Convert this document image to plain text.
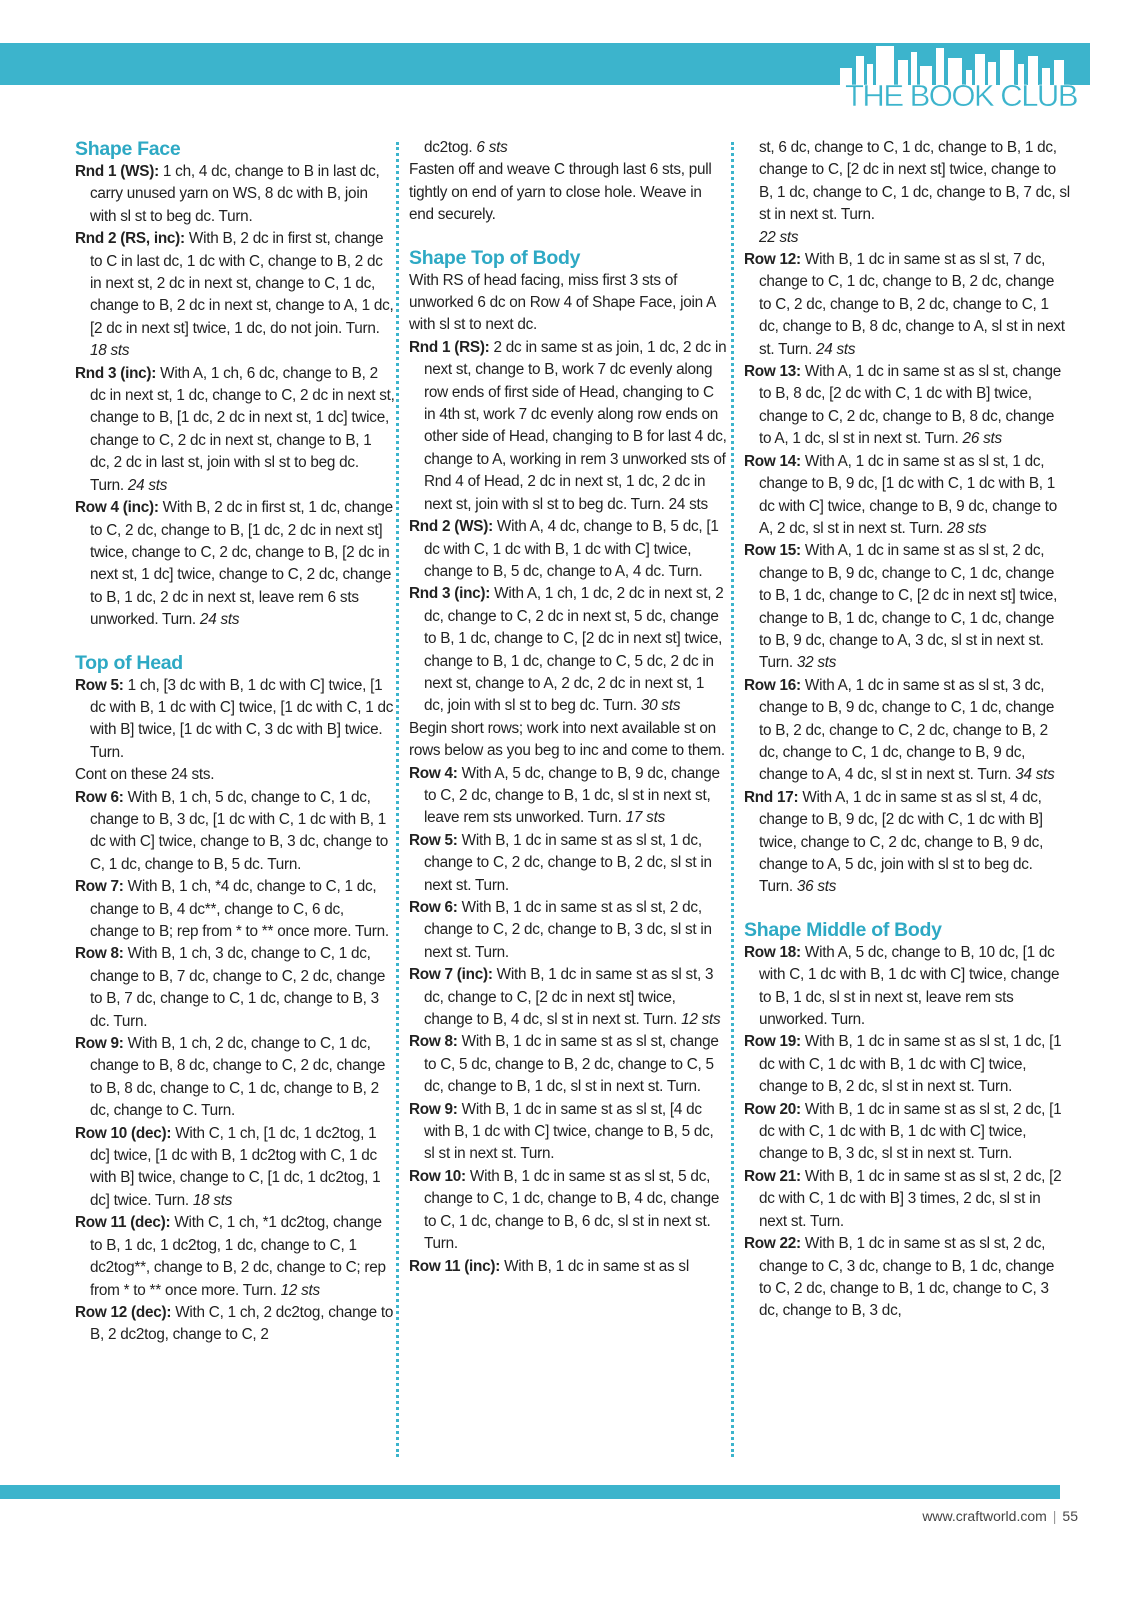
THE BOOK CLUB
Shape Face
Rnd 1 (WS): 1 ch, 4 dc, change to B in last dc, carry unused yarn on WS, 8 dc with B, join with sl st to beg dc. Turn.
Rnd 2 (RS, inc): With B, 2 dc in first st, change to C in last dc, 1 dc with C, change to B, 2 dc in next st, 2 dc in next st, change to C, 1 dc, change to B, 2 dc in next st, change to A, 1 dc, [2 dc in next st] twice, 1 dc, do not join. Turn. 18 sts
Rnd 3 (inc): With A, 1 ch, 6 dc, change to B, 2 dc in next st, 1 dc, change to C, 2 dc in next st, change to B, [1 dc, 2 dc in next st, 1 dc] twice, change to C, 2 dc in next st, change to B, 1 dc, 2 dc in last st, join with sl st to beg dc. Turn. 24 sts
Row 4 (inc): With B, 2 dc in first st, 1 dc, change to C, 2 dc, change to B, [1 dc, 2 dc in next st] twice, change to C, 2 dc, change to B, [2 dc in next st, 1 dc] twice, change to C, 2 dc, change to B, 1 dc, 2 dc in next st, leave rem 6 sts unworked. Turn. 24 sts
Top of Head
Row 5: 1 ch, [3 dc with B, 1 dc with C] twice, [1 dc with B, 1 dc with C] twice, [1 dc with C, 1 dc with B] twice, [1 dc with C, 3 dc with B] twice. Turn.
Cont on these 24 sts.
Row 6: With B, 1 ch, 5 dc, change to C, 1 dc, change to B, 3 dc, [1 dc with C, 1 dc with B, 1 dc with C] twice, change to B, 3 dc, change to C, 1 dc, change to B, 5 dc. Turn.
Row 7: With B, 1 ch, *4 dc, change to C, 1 dc, change to B, 4 dc**, change to C, 6 dc, change to B; rep from * to ** once more. Turn.
Row 8: With B, 1 ch, 3 dc, change to C, 1 dc, change to B, 7 dc, change to C, 2 dc, change to B, 7 dc, change to C, 1 dc, change to B, 3 dc. Turn.
Row 9: With B, 1 ch, 2 dc, change to C, 1 dc, change to B, 8 dc, change to C, 2 dc, change to B, 8 dc, change to C, 1 dc, change to B, 2 dc, change to C. Turn.
Row 10 (dec): With C, 1 ch, [1 dc, 1 dc2tog, 1 dc] twice, [1 dc with B, 1 dc2tog with C, 1 dc with B] twice, change to C, [1 dc, 1 dc2tog, 1 dc] twice. Turn. 18 sts
Row 11 (dec): With C, 1 ch, *1 dc2tog, change to B, 1 dc, 1 dc2tog, 1 dc, change to C, 1 dc2tog**, change to B, 2 dc, change to C; rep from * to ** once more. Turn. 12 sts
Row 12 (dec): With C, 1 ch, 2 dc2tog, change to B, 2 dc2tog, change to C, 2
dc2tog. 6 sts
Fasten off and weave C through last 6 sts, pull tightly on end of yarn to close hole. Weave in end securely.
Shape Top of Body
With RS of head facing, miss first 3 sts of unworked 6 dc on Row 4 of Shape Face, join A with sl st to next dc.
Rnd 1 (RS): 2 dc in same st as join, 1 dc, 2 dc in next st, change to B, work 7 dc evenly along row ends of first side of Head, changing to C in 4th st, work 7 dc evenly along row ends on other side of Head, changing to B for last 4 dc, change to A, working in rem 3 unworked sts of Rnd 4 of Head, 2 dc in next st, 1 dc, 2 dc in next st, join with sl st to beg dc. Turn. 24 sts
Rnd 2 (WS): With A, 4 dc, change to B, 5 dc, [1 dc with C, 1 dc with B, 1 dc with C] twice, change to B, 5 dc, change to A, 4 dc. Turn.
Rnd 3 (inc): With A, 1 ch, 1 dc, 2 dc in next st, 2 dc, change to C, 2 dc in next st, 5 dc, change to B, 1 dc, change to C, [2 dc in next st] twice, change to B, 1 dc, change to C, 5 dc, 2 dc in next st, change to A, 2 dc, 2 dc in next st, 1 dc, join with sl st to beg dc. Turn. 30 sts
Begin short rows; work into next available st on rows below as you beg to inc and come to them.
Row 4: With A, 5 dc, change to B, 9 dc, change to C, 2 dc, change to B, 1 dc, sl st in next st, leave rem sts unworked. Turn. 17 sts
Row 5: With B, 1 dc in same st as sl st, 1 dc, change to C, 2 dc, change to B, 2 dc, sl st in next st. Turn.
Row 6: With B, 1 dc in same st as sl st, 2 dc, change to C, 2 dc, change to B, 3 dc, sl st in next st. Turn.
Row 7 (inc): With B, 1 dc in same st as sl st, 3 dc, change to C, [2 dc in next st] twice, change to B, 4 dc, sl st in next st. Turn. 12 sts
Row 8: With B, 1 dc in same st as sl st, change to C, 5 dc, change to B, 2 dc, change to C, 5 dc, change to B, 1 dc, sl st in next st. Turn.
Row 9: With B, 1 dc in same st as sl st, [4 dc with B, 1 dc with C] twice, change to B, 5 dc, sl st in next st. Turn.
Row 10: With B, 1 dc in same st as sl st, 5 dc, change to C, 1 dc, change to B, 4 dc, change to C, 1 dc, change to B, 6 dc, sl st in next st. Turn.
Row 11 (inc): With B, 1 dc in same st as sl
st, 6 dc, change to C, 1 dc, change to B, 1 dc, change to C, [2 dc in next st] twice, change to B, 1 dc, change to C, 1 dc, change to B, 7 dc, sl st in next st. Turn.
22 sts
Row 12: With B, 1 dc in same st as sl st, 7 dc, change to C, 1 dc, change to B, 2 dc, change to C, 2 dc, change to B, 2 dc, change to C, 1 dc, change to B, 8 dc, change to A, sl st in next st. Turn. 24 sts
Row 13: With A, 1 dc in same st as sl st, change to B, 8 dc, [2 dc with C, 1 dc with B] twice, change to C, 2 dc, change to B, 8 dc, change to A, 1 dc, sl st in next st. Turn. 26 sts
Row 14: With A, 1 dc in same st as sl st, 1 dc, change to B, 9 dc, [1 dc with C, 1 dc with B, 1 dc with C] twice, change to B, 9 dc, change to A, 2 dc, sl st in next st. Turn. 28 sts
Row 15: With A, 1 dc in same st as sl st, 2 dc, change to B, 9 dc, change to C, 1 dc, change to B, 1 dc, change to C, [2 dc in next st] twice, change to B, 1 dc, change to C, 1 dc, change to B, 9 dc, change to A, 3 dc, sl st in next st. Turn. 32 sts
Row 16: With A, 1 dc in same st as sl st, 3 dc, change to B, 9 dc, change to C, 1 dc, change to B, 2 dc, change to C, 2 dc, change to B, 2 dc, change to C, 1 dc, change to B, 9 dc, change to A, 4 dc, sl st in next st. Turn. 34 sts
Rnd 17: With A, 1 dc in same st as sl st, 4 dc, change to B, 9 dc, [2 dc with C, 1 dc with B] twice, change to C, 2 dc, change to B, 9 dc, change to A, 5 dc, join with sl st to beg dc. Turn. 36 sts
Shape Middle of Body
Row 18: With A, 5 dc, change to B, 10 dc, [1 dc with C, 1 dc with B, 1 dc with C] twice, change to B, 1 dc, sl st in next st, leave rem sts unworked. Turn.
Row 19: With B, 1 dc in same st as sl st, 1 dc, [1 dc with C, 1 dc with B, 1 dc with C] twice, change to B, 2 dc, sl st in next st. Turn.
Row 20: With B, 1 dc in same st as sl st, 2 dc, [1 dc with C, 1 dc with B, 1 dc with C] twice, change to B, 3 dc, sl st in next st. Turn.
Row 21: With B, 1 dc in same st as sl st, 2 dc, [2 dc with C, 1 dc with B] 3 times, 2 dc, sl st in next st. Turn.
Row 22: With B, 1 dc in same st as sl st, 2 dc, change to C, 3 dc, change to B, 1 dc, change to C, 2 dc, change to B, 1 dc, change to C, 3 dc, change to B, 3 dc,
www.craftworld.com | 55
